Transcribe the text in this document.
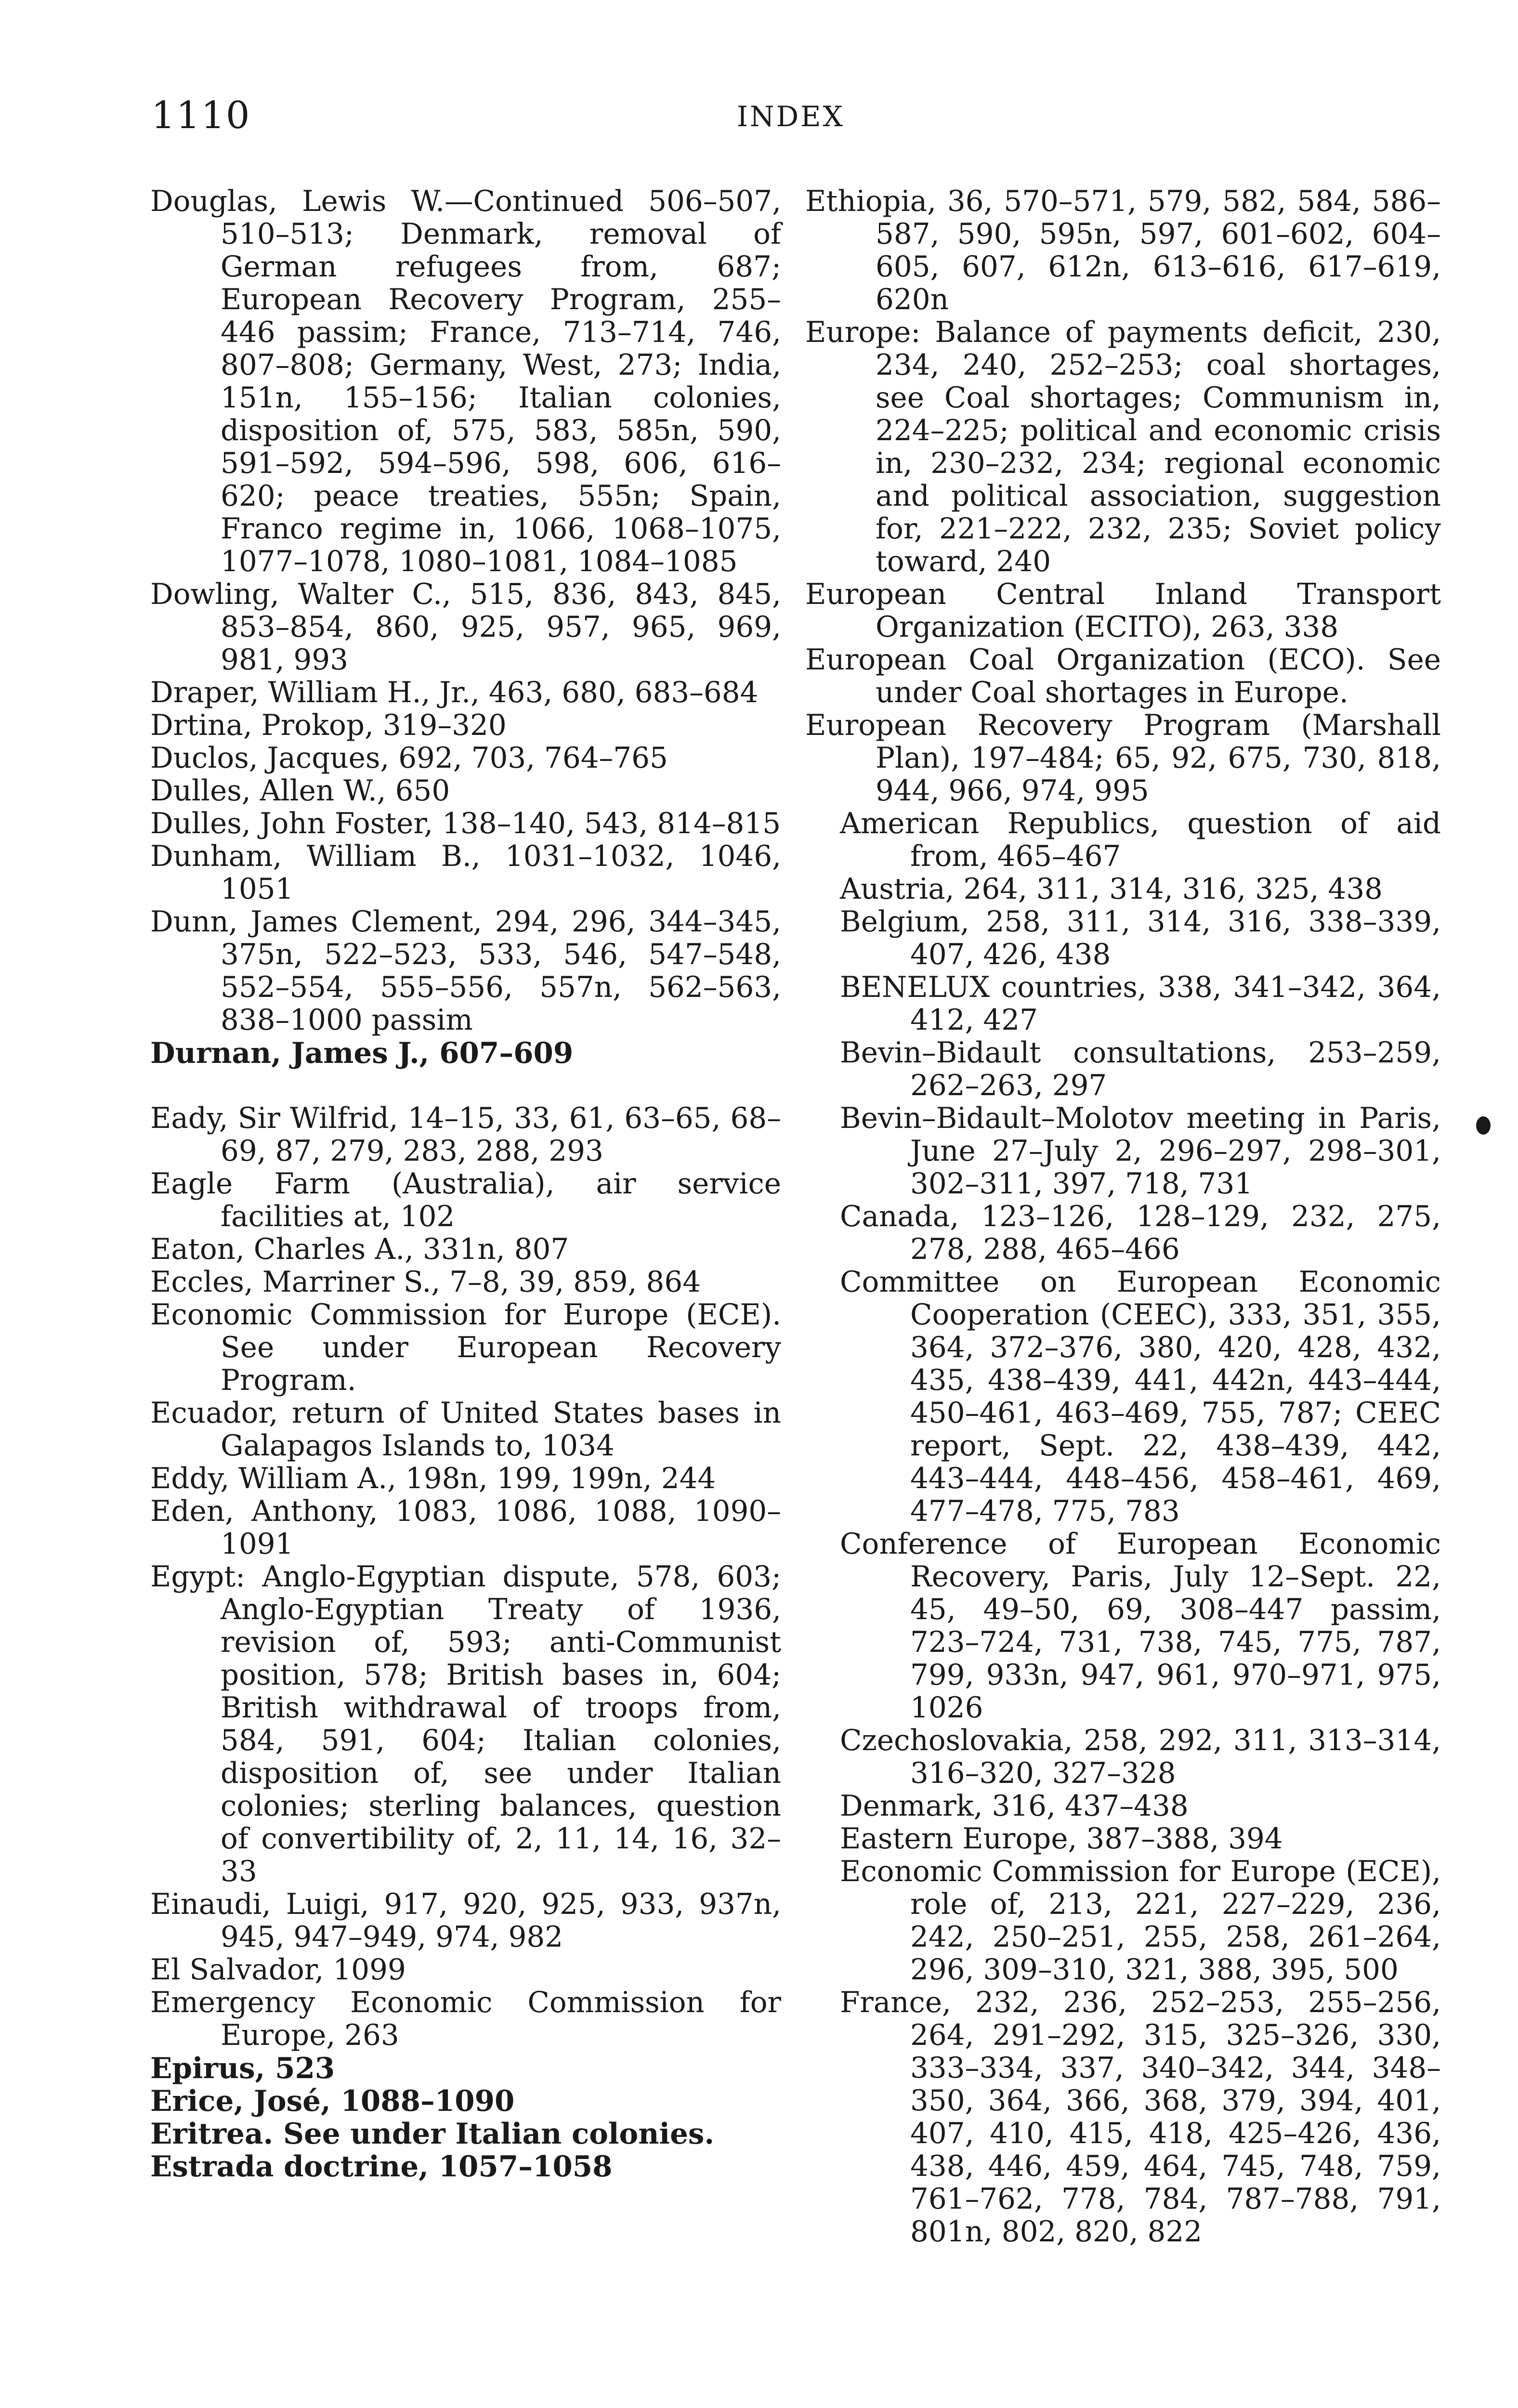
1110	INDEX
Douglas, Lewis W.—Continued 506–507, 510–513; Denmark, removal of German refugees from, 687; European Recovery Program, 255–446 passim; France, 713–714, 746, 807–808; Germany, West, 273; India, 151n, 155–156; Italian colonies, disposition of, 575, 583, 585n, 590, 591–592, 594–596, 598, 606, 616–620; peace treaties, 555n; Spain, Franco regime in, 1066, 1068–1075, 1077–1078, 1080–1081, 1084–1085
Dowling, Walter C., 515, 836, 843, 845, 853–854, 860, 925, 957, 965, 969, 981, 993
Draper, William H., Jr., 463, 680, 683–684
Drtina, Prokop, 319–320
Duclos, Jacques, 692, 703, 764–765
Dulles, Allen W., 650
Dulles, John Foster, 138–140, 543, 814–815
Dunham, William B., 1031–1032, 1046, 1051
Dunn, James Clement, 294, 296, 344–345, 375n, 522–523, 533, 546, 547–548, 552–554, 555–556, 557n, 562–563, 838–1000 passim
Durnan, James J., 607–609
Eady, Sir Wilfrid, 14–15, 33, 61, 63–65, 68–69, 87, 279, 283, 288, 293
Eagle Farm (Australia), air service facilities at, 102
Eaton, Charles A., 331n, 807
Eccles, Marriner S., 7–8, 39, 859, 864
Economic Commission for Europe (ECE). See under European Recovery Program.
Ecuador, return of United States bases in Galapagos Islands to, 1034
Eddy, William A., 198n, 199, 199n, 244
Eden, Anthony, 1083, 1086, 1088, 1090–1091
Egypt: Anglo-Egyptian dispute, 578, 603; Anglo-Egyptian Treaty of 1936, revision of, 593; anti-Communist position, 578; British bases in, 604; British withdrawal of troops from, 584, 591, 604; Italian colonies, disposition of, see under Italian colonies; sterling balances, question of convertibility of, 2, 11, 14, 16, 32–33
Einaudi, Luigi, 917, 920, 925, 933, 937n, 945, 947–949, 974, 982
El Salvador, 1099
Emergency Economic Commission for Europe, 263
Epirus, 523
Erice, José, 1088–1090
Eritrea. See under Italian colonies.
Estrada doctrine, 1057–1058
Ethiopia, 36, 570–571, 579, 582, 584, 586–587, 590, 595n, 597, 601–602, 604–605, 607, 612n, 613–616, 617–619, 620n
Europe: Balance of payments deficit, 230, 234, 240, 252–253; coal shortages, see Coal shortages; Communism in, 224–225; political and economic crisis in, 230–232, 234; regional economic and political association, suggestion for, 221–222, 232, 235; Soviet policy toward, 240
European Central Inland Transport Organization (ECITO), 263, 338
European Coal Organization (ECO). See under Coal shortages in Europe.
European Recovery Program (Marshall Plan), 197–484; 65, 92, 675, 730, 818, 944, 966, 974, 995
American Republics, question of aid from, 465–467
Austria, 264, 311, 314, 316, 325, 438
Belgium, 258, 311, 314, 316, 338–339, 407, 426, 438
BENELUX countries, 338, 341–342, 364, 412, 427
Bevin–Bidault consultations, 253–259, 262–263, 297
Bevin–Bidault–Molotov meeting in Paris, June 27–July 2, 296–297, 298–301, 302–311, 397, 718, 731
Canada, 123–126, 128–129, 232, 275, 278, 288, 465–466
Committee on European Economic Cooperation (CEEC), 333, 351, 355, 364, 372–376, 380, 420, 428, 432, 435, 438–439, 441, 442n, 443–444, 450–461, 463–469, 755, 787; CEEC report, Sept. 22, 438–439, 442, 443–444, 448–456, 458–461, 469, 477–478, 775, 783
Conference of European Economic Recovery, Paris, July 12–Sept. 22, 45, 49–50, 69, 308–447 passim, 723–724, 731, 738, 745, 775, 787, 799, 933n, 947, 961, 970–971, 975, 1026
Czechoslovakia, 258, 292, 311, 313–314, 316–320, 327–328
Denmark, 316, 437–438
Eastern Europe, 387–388, 394
Economic Commission for Europe (ECE), role of, 213, 221, 227–229, 236, 242, 250–251, 255, 258, 261–264, 296, 309–310, 321, 388, 395, 500
France, 232, 236, 252–253, 255–256, 264, 291–292, 315, 325–326, 330, 333–334, 337, 340–342, 344, 348–350, 364, 366, 368, 379, 394, 401, 407, 410, 415, 418, 425–426, 436, 438, 446, 459, 464, 745, 748, 759, 761–762, 778, 784, 787–788, 791, 801n, 802, 820, 822
